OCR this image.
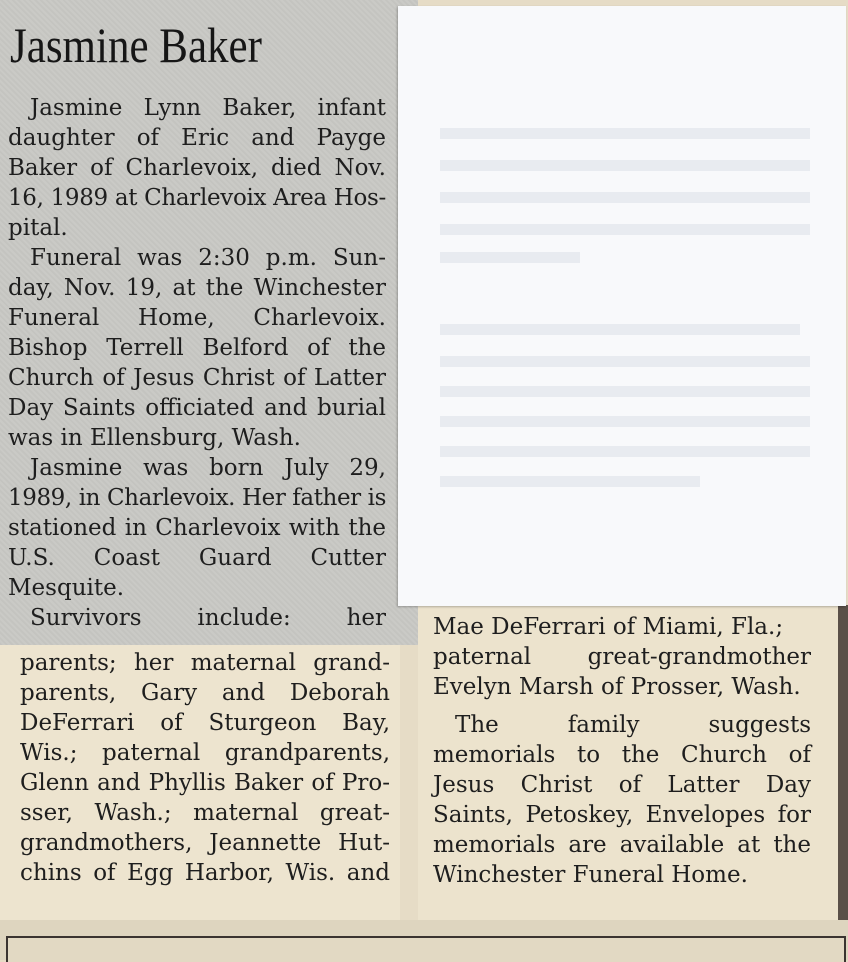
Jasmine Baker
Jasmine Lynn Baker, infant
daughter of Eric and Payge
Baker of Charlevoix, died Nov.
16, 1989 at Charlevoix Area Hos-
pital.
Funeral was 2:30 p.m. Sun-
day, Nov. 19, at the Winchester
Funeral Home, Charlevoix.
Bishop Terrell Belford of the
Church of Jesus Christ of Latter
Day Saints officiated and burial
was in Ellensburg, Wash.
Jasmine was born July 29,
1989, in Charlevoix. Her father is
stationed in Charlevoix with the
U.S. Coast Guard Cutter
Mesquite.
Survivors include: her
parents; her maternal grand-
parents, Gary and Deborah
DeFerrari of Sturgeon Bay,
Wis.; paternal grandparents,
Glenn and Phyllis Baker of Pro-
sser, Wash.; maternal great-
grandmothers, Jeannette Hut-
chins of Egg Harbor, Wis. and
Mae DeFerrari of Miami, Fla.;
paternal great-grandmother
Evelyn Marsh of Prosser, Wash.
The family suggests
memorials to the Church of
Jesus Christ of Latter Day
Saints, Petoskey, Envelopes for
memorials are available at the
Winchester Funeral Home.
